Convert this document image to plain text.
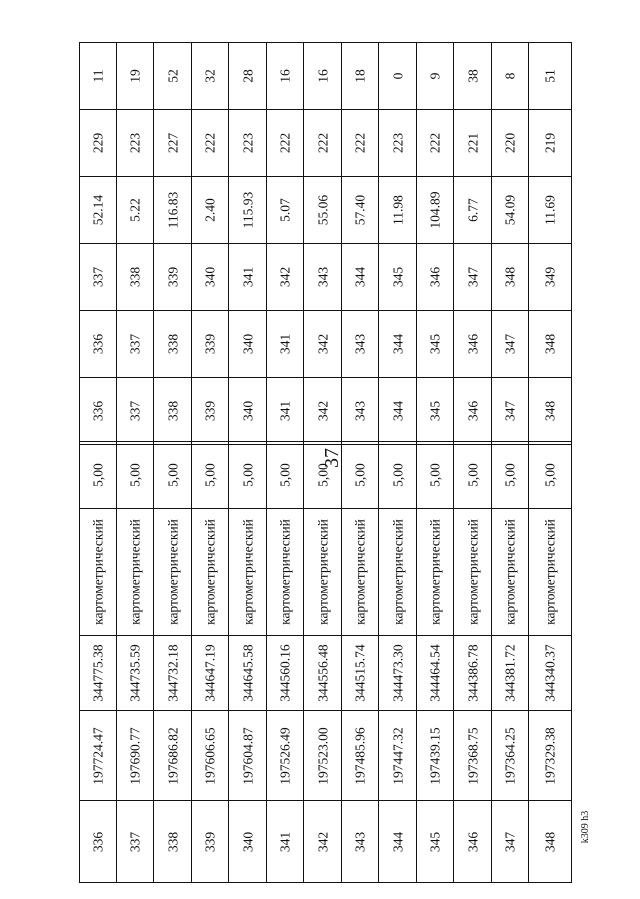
11	19	52	32	28	16	16	18	0	9	38	8	51

229	223	227	222	223	222	222	222	223	222	221	220	219

52.14	5.22	116.83	2.40	115.93	5.07	55.06	57.40	11.98	104.89	6.77	54.09	11.69

337	338	339	340	341	342	343	344	345	346	347	348	349

336	337	338	339	340	341	342	343	344	345	346	347	348

336	337	338	339	340	341	342	343	344	345	346	347	348
37
5,00	5,00	5,00	5,00	5,00	5,00	5,00	5,00	5,00	5,00	5,00	5,00	5,00

картометрический	картометрический	картометрический	картометрический	картометрический	картометрический	картометрический	картометрический	картометрический	картометрический	картометрический	картометрический	картометрический

344775.38	344735.59	344732.18	344647.19	344645.58	344560.16	344556.48	344515.74	344473.30	344464.54	344386.78	344381.72	344340.37

197724.47	197690.77	197686.82	197606.65	197604.87	197526.49	197523.00	197485.96	197447.32	197439.15	197368.75	197364.25	197329.38

336	337	338	339	340	341	342	343	344	345	346	347	348 k309 h3
